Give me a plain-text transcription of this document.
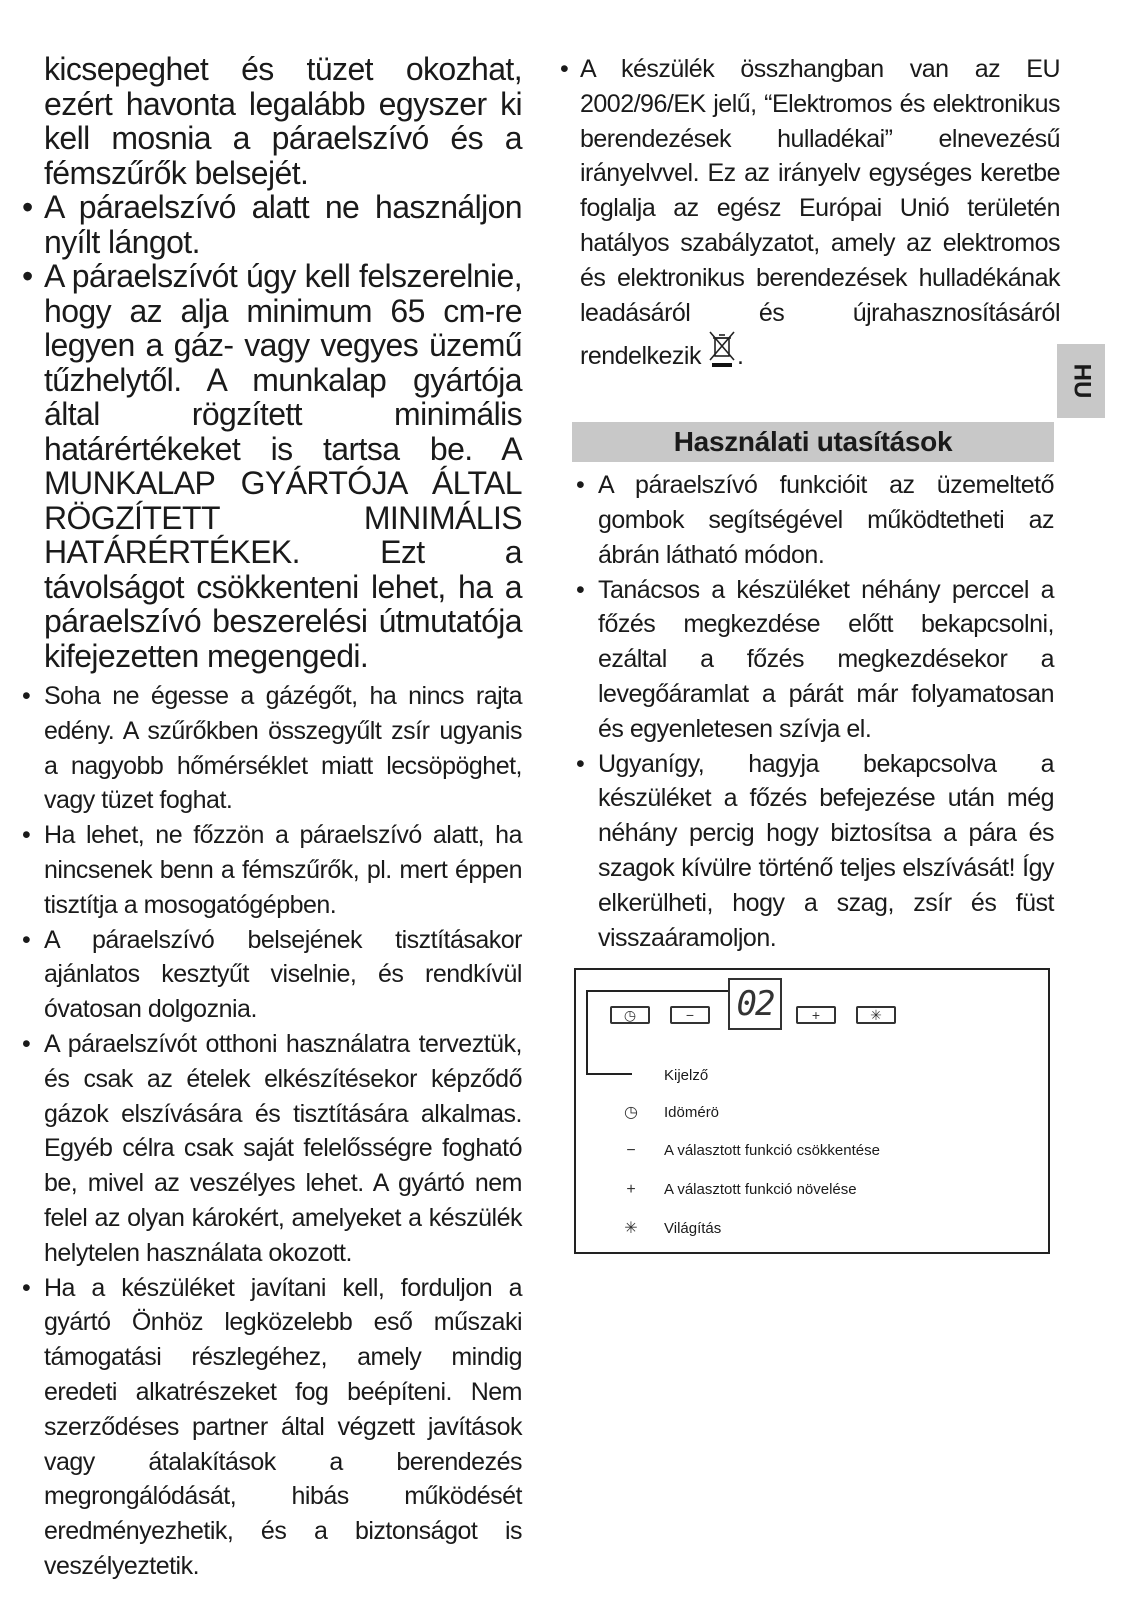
kicsepeghet és tüzet okozhat, ezért havonta legalább egyszer ki kell mosnia a páraelszívó és a fémszűrők belsejét.

• A páraelszívó alatt ne használjon nyílt lángot.
• A páraelszívót úgy kell felszerelnie, hogy az alja minimum 65 cm-re legyen a gáz- vagy vegyes üzemű tűzhelytől. A munkalap gyártója által rögzített minimális határértékeket is tartsa be. A MUNKALAP GYÁRTÓJA ÁLTAL RÖGZÍTETT MINIMÁLIS HATÁRÉRTÉKEK. Ezt a távolságot csökkenteni lehet, ha a páraelszívó beszerelési útmutatója kifejezetten megengedi.
• Soha ne égesse a gázégőt, ha nincs rajta edény. A szűrőkben összegyűlt zsír ugyanis a nagyobb hőmérséklet miatt lecsöpöghet, vagy tüzet foghat.
• Ha lehet, ne főzzön a páraelszívó alatt, ha nincsenek benn a fémszűrők, pl. mert éppen tisztítja a mosogatógépben.
• A páraelszívó belsejének tisztításakor ajánlatos kesztyűt viselnie, és rendkívül óvatosan dolgoznia.
• A páraelszívót otthoni használatra terveztük, és csak az ételek elkészítésekor képződő gázok elszívására és tisztítására alkalmas. Egyéb célra csak saját felelősségre fogható be, mivel az veszélyes lehet. A gyártó nem felel az olyan károkért, amelyeket a készülék helytelen használata okozott.
• Ha a készüléket javítani kell, forduljon a gyártó Önhöz legközelebb eső műszaki támogatási részlegéhez, amely mindig eredeti alkatrészeket fog beépíteni. Nem szerződéses partner által végzett javítások vagy átalakítások a berendezés megrongálódását, hibás működését eredményezhetik, és a biztonságot is veszélyeztetik.
• A készülék összhangban van az EU 2002/96/EK jelű, “Elektromos és elektronikus berendezések hulladékai” elnevezésű irányelvvel. Ez az irányelv egységes keretbe foglalja az egész Európai Unió területén hatályos szabályzatot, amely az elektromos és elektronikus berendezések hulladékának leadásáról és újrahasznosításáról rendelkezik .
Használati utasítások
• A páraelszívó funkcióit az üzemeltető gombok segítségével működtetheti az ábrán látható módon.
• Tanácsos a készüléket néhány perccel a főzés megkezdése előtt bekapcsolni, ezáltal a főzés megkezdésekor a levegőáramlat a párát már folyamatosan és egyenletesen szívja el.
• Ugyanígy, hagyja bekapcsolva a készüléket a főzés befejezése után még néhány percig hogy biztosítsa a pára és szagok kívülre történő teljes elszívását! Így elkerülheti, hogy a szag, zsír és füst visszaáramoljon.
HU
◷	− 02	+	✳
Kijelző
◷	Idömérö
−	A választott funkció csökkentése
+	A választott funkció növelése
✳	Világítás
